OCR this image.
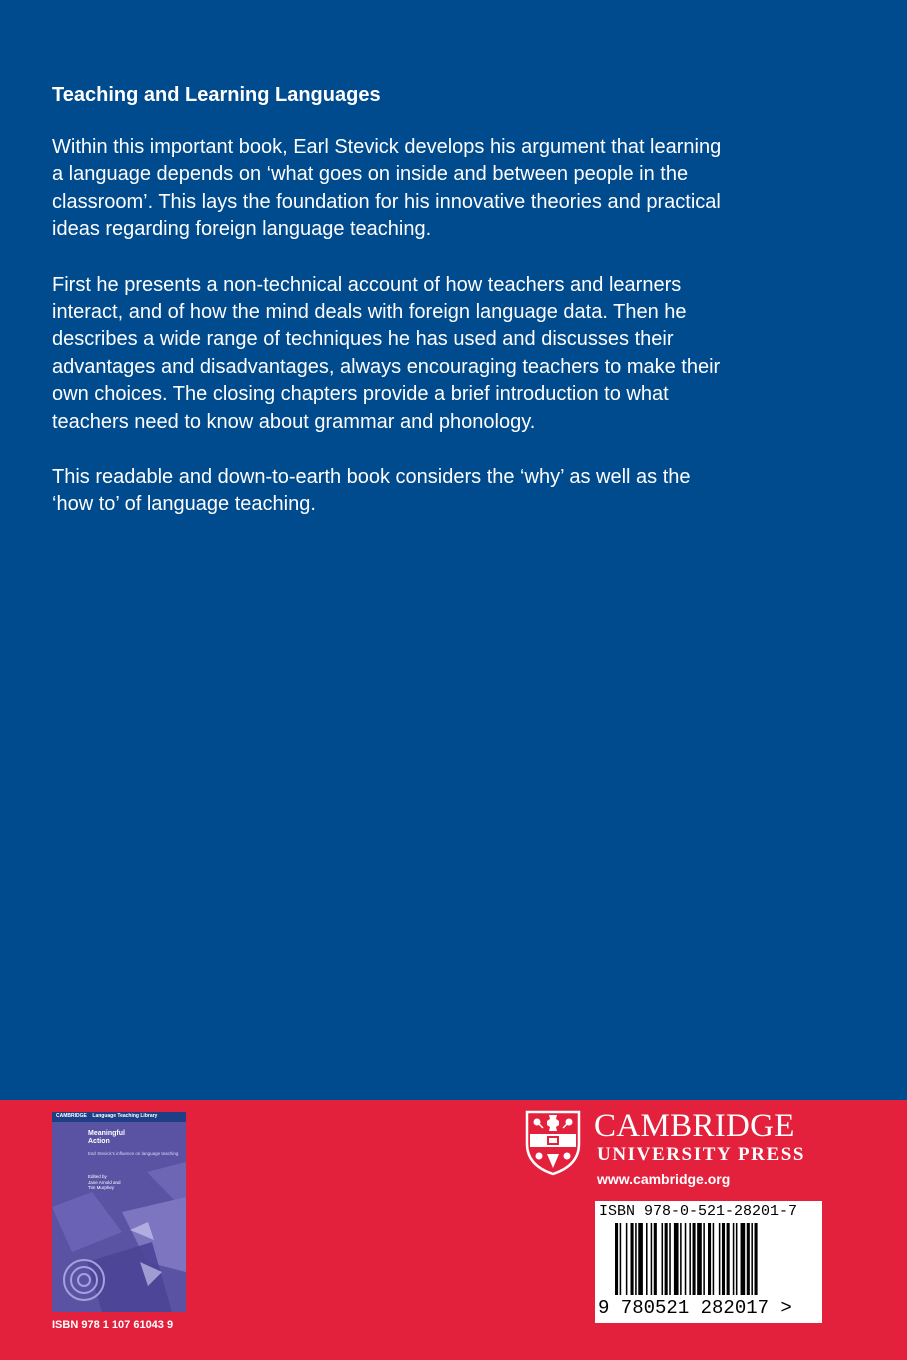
Teaching and Learning Languages

Within this important book, Earl Stevick develops his argument that learning a language depends on ‘what goes on inside and between people in the classroom’. This lays the foundation for his innovative theories and practical ideas regarding foreign language teaching.

First he presents a non-technical account of how teachers and learners interact, and of how the mind deals with foreign language data. Then he describes a wide range of techniques he has used and discusses their advantages and disadvantages, always encouraging teachers to make their own choices. The closing chapters provide a brief introduction to what teachers need to know about grammar and phonology.

This readable and down-to-earth book considers the ‘why’ as well as the ‘how to’ of language teaching.

CAMBRIDGE Language Teaching Library
Meaningful
Action
Earl Stevick's influence on language teaching
Edited by
Jane Arnold and
Tim Murphey
ISBN 978 1 107 61043 9
CAMBRIDGE
UNIVERSITY PRESS
www.cambridge.org
ISBN 978-0-521-28201-7
9 780521 282017 >
